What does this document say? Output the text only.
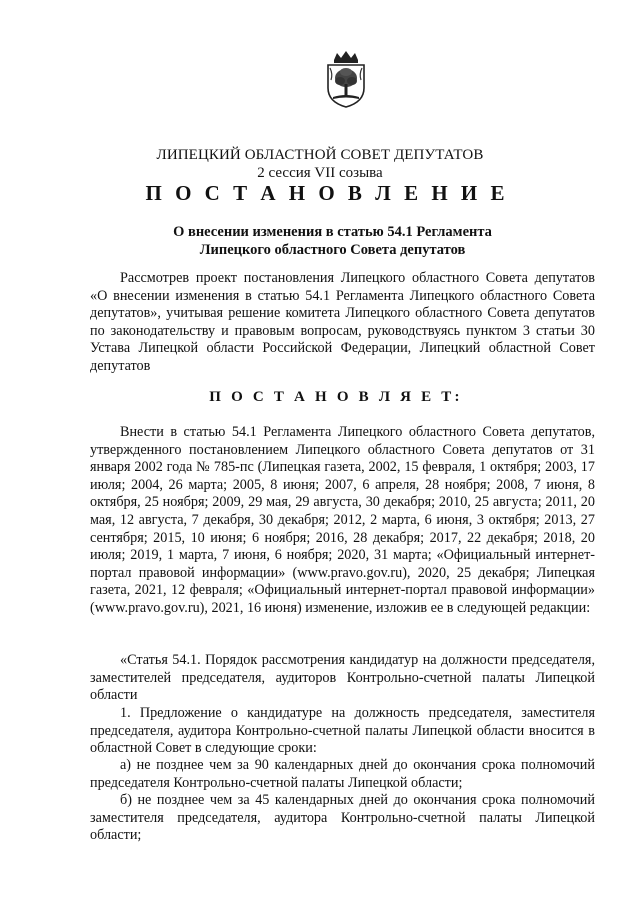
ЛИПЕЦКИЙ ОБЛАСТНОЙ СОВЕТ ДЕПУТАТОВ
2 сессия VII созыва
П О С Т А Н О В Л Е Н И Е
О внесении изменения в статью 54.1 Регламента
Липецкого областного Совета депутатов
Рассмотрев проект постановления Липецкого областного Совета депутатов «О внесении изменения в статью 54.1 Регламента Липецкого областного Совета депутатов», учитывая решение комитета Липецкого областного Совета депутатов по законодательству и правовым вопросам, руководствуясь пунктом 3 статьи 30 Устава Липецкой области Российской Федерации, Липецкий областной Совет депутатов
П О С Т А Н О В Л Я Е Т:
Внести в статью 54.1 Регламента Липецкого областного Совета депутатов, утвержденного постановлением Липецкого областного Совета депутатов от 31 января 2002 года № 785-пс (Липецкая газета, 2002, 15 февраля, 1 октября; 2003, 17 июля; 2004, 26 марта; 2005, 8 июня; 2007, 6 апреля, 28 ноября; 2008, 7 июня, 8 октября, 25 ноября; 2009, 29 мая, 29 августа, 30 декабря; 2010, 25 августа; 2011, 20 мая, 12 августа, 7 декабря, 30 декабря; 2012, 2 марта, 6 июня, 3 октября; 2013, 27 сентября; 2015, 10 июня; 6 ноября; 2016, 28 декабря; 2017, 22 декабря; 2018, 20 июля; 2019, 1 марта, 7 июня, 6 ноября; 2020, 31 марта; «Официальный интернет-портал правовой информации» (www.pravo.gov.ru), 2020, 25 декабря; Липецкая газета, 2021, 12 февраля; «Официальный интернет-портал правовой информации» (www.pravo.gov.ru), 2021, 16 июня) изменение, изложив ее в следующей редакции:
«Статья 54.1. Порядок рассмотрения кандидатур на должности председателя, заместителей председателя, аудиторов Контрольно-счетной палаты Липецкой области
1. Предложение о кандидатуре на должность председателя, заместителя председателя, аудитора Контрольно-счетной палаты Липецкой области вносится в областной Совет в следующие сроки:
а) не позднее чем за 90 календарных дней до окончания срока полномочий председателя Контрольно-счетной палаты Липецкой области;
б) не позднее чем за 45 календарных дней до окончания срока полномочий заместителя председателя, аудитора Контрольно-счетной палаты Липецкой области;
